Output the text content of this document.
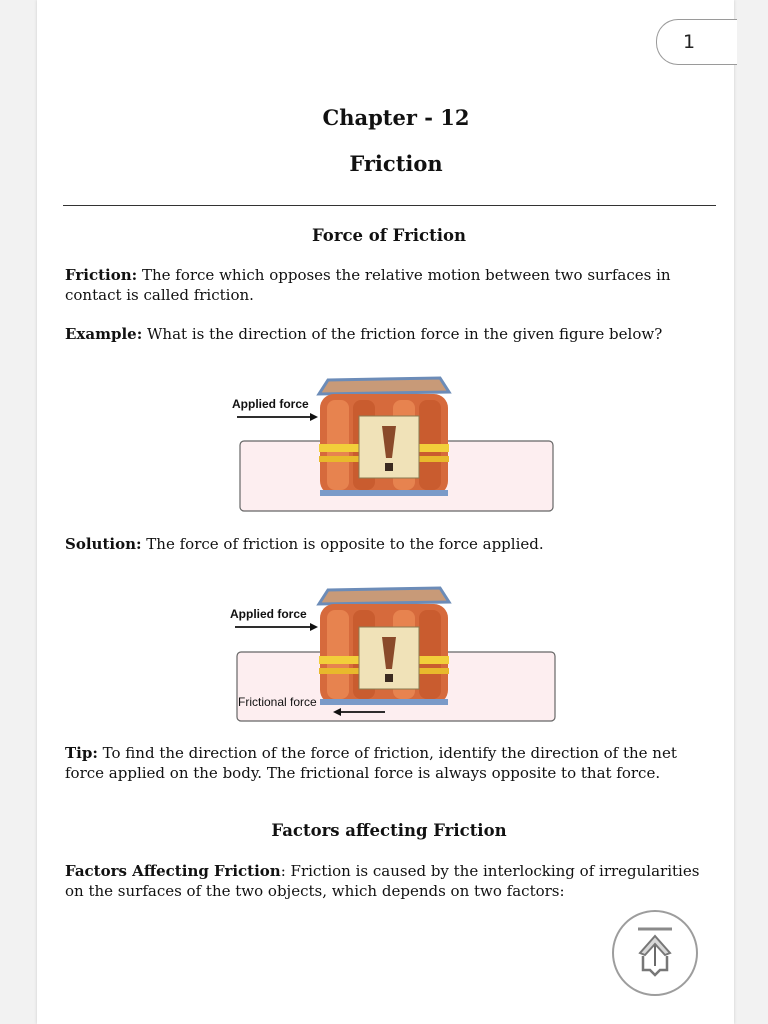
1
Chapter - 12
Friction
Force of Friction
Friction: The force which opposes the relative motion between two surfaces in contact is called friction.
Example: What is the direction of the friction force in the given figure below?
Applied force
Solution: The force of friction is opposite to the force applied.
Applied force
Frictional force
Tip: To find the direction of the force of friction, identify the direction of the net force applied on the body. The frictional force is always opposite to that force.
Factors affecting Friction
Factors Affecting Friction: Friction is caused by the interlocking of irregularities on the surfaces of the two objects, which depends on two factors:
